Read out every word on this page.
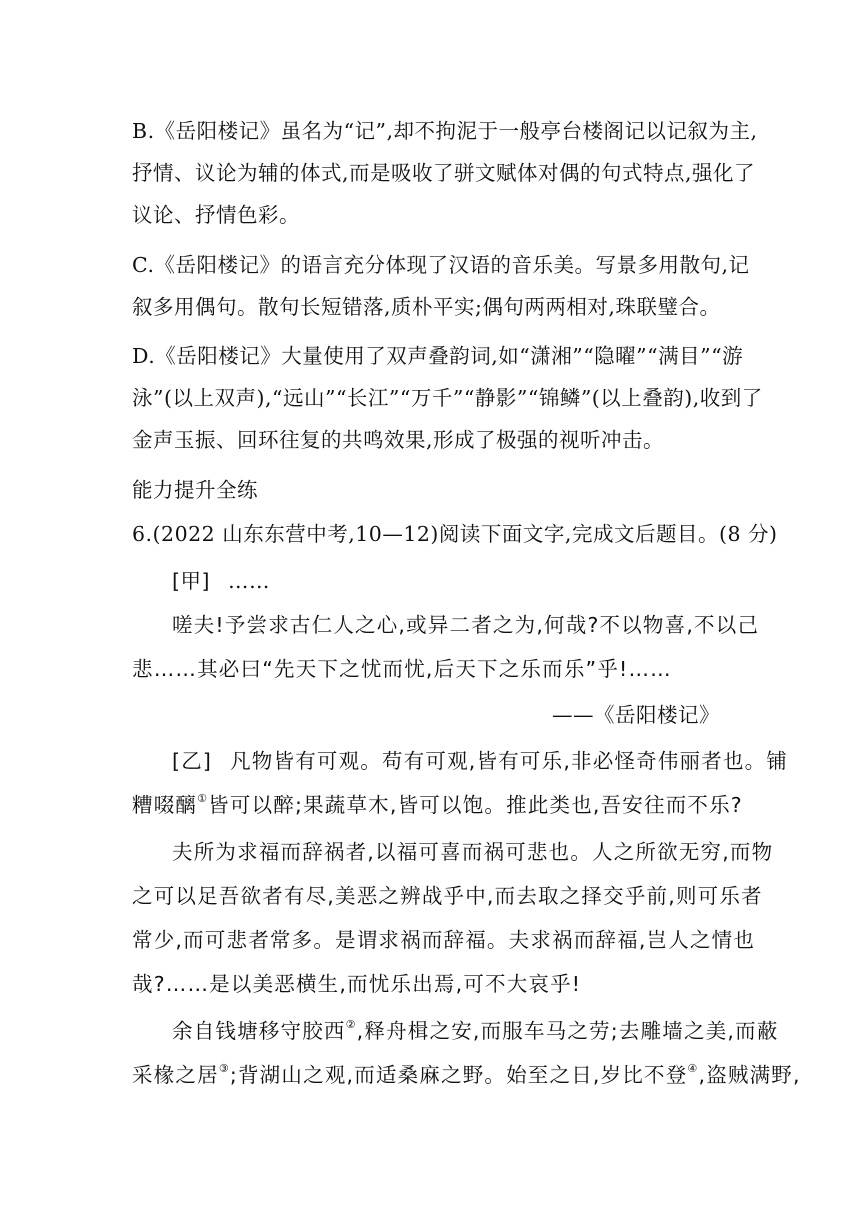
B.《岳阳楼记》虽名为“记”,却不拘泥于一般亭台楼阁记以记叙为主,
抒情、议论为辅的体式,而是吸收了骈文赋体对偶的句式特点,强化了
议论、抒情色彩。
C.《岳阳楼记》的语言充分体现了汉语的音乐美。写景多用散句,记
叙多用偶句。散句长短错落,质朴平实;偶句两两相对,珠联璧合。
D.《岳阳楼记》大量使用了双声叠韵词,如“潇湘”“隐曜”“满目”“游
泳”(以上双声),“远山”“长江”“万千”“静影”“锦鳞”(以上叠韵),收到了
金声玉振、回环往复的共鸣效果,形成了极强的视听冲击。
能力提升全练
6.(2022 山东东营中考,10—12)阅读下面文字,完成文后题目。(8 分)
[甲] ……
嗟夫!予尝求古仁人之心,或异二者之为,何哉?不以物喜,不以己
悲……其必曰“先天下之忧而忧,后天下之乐而乐”乎!……
——《岳阳楼记》
[乙] 凡物皆有可观。苟有可观,皆有可乐,非必怪奇伟丽者也。铺
糟啜醨①皆可以醉;果蔬草木,皆可以饱。推此类也,吾安往而不乐?
夫所为求福而辞祸者,以福可喜而祸可悲也。人之所欲无穷,而物
之可以足吾欲者有尽,美恶之辨战乎中,而去取之择交乎前,则可乐者
常少,而可悲者常多。是谓求祸而辞福。夫求祸而辞福,岂人之情也
哉?……是以美恶横生,而忧乐出焉,可不大哀乎!
余自钱塘移守胶西②,释舟楫之安,而服车马之劳;去雕墙之美,而蔽
采椽之居③;背湖山之观,而适桑麻之野。始至之日,岁比不登④,盗贼满野,
